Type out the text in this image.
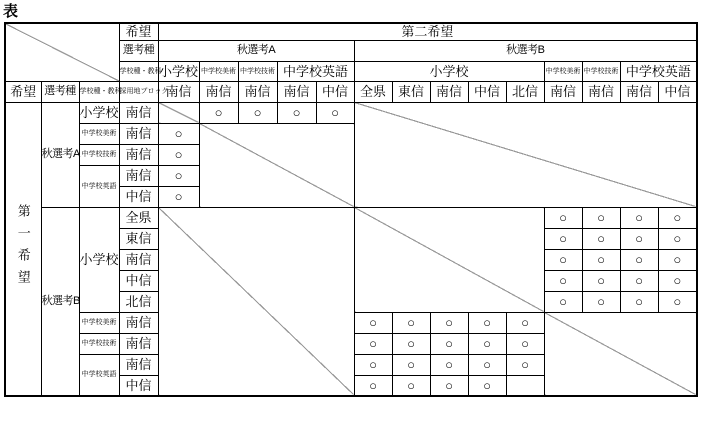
表
			希望	第二希望													
			選考種	秋選考A					秋選考B								
			学校種・教科	小学校	中学校美術	中学校技術	中学校英語		小学校					中学校美術	中学校技術	中学校英語	
希望	選考種	学校種・教科	採用地ブロック	南信	南信	南信	南信	中信	全県	東信	南信	中信	北信	南信	南信	南信	中信
第一希望	秋選考A	小学校	南信		○	○	○	○									
		中学校美術	南信	○													
		中学校技術	南信	○													
		中学校英語	南信	○													
			中信	○													
	秋選考B	小学校	全県											○	○	○	○
			東信											○	○	○	○
			南信											○	○	○	○
			中信											○	○	○	○
			北信											○	○	○	○
		中学校美術	南信						○	○	○	○	○				
		中学校技術	南信						○	○	○	○	○				
		中学校英語	南信						○	○	○	○	○				
			中信						○	○	○	○					
